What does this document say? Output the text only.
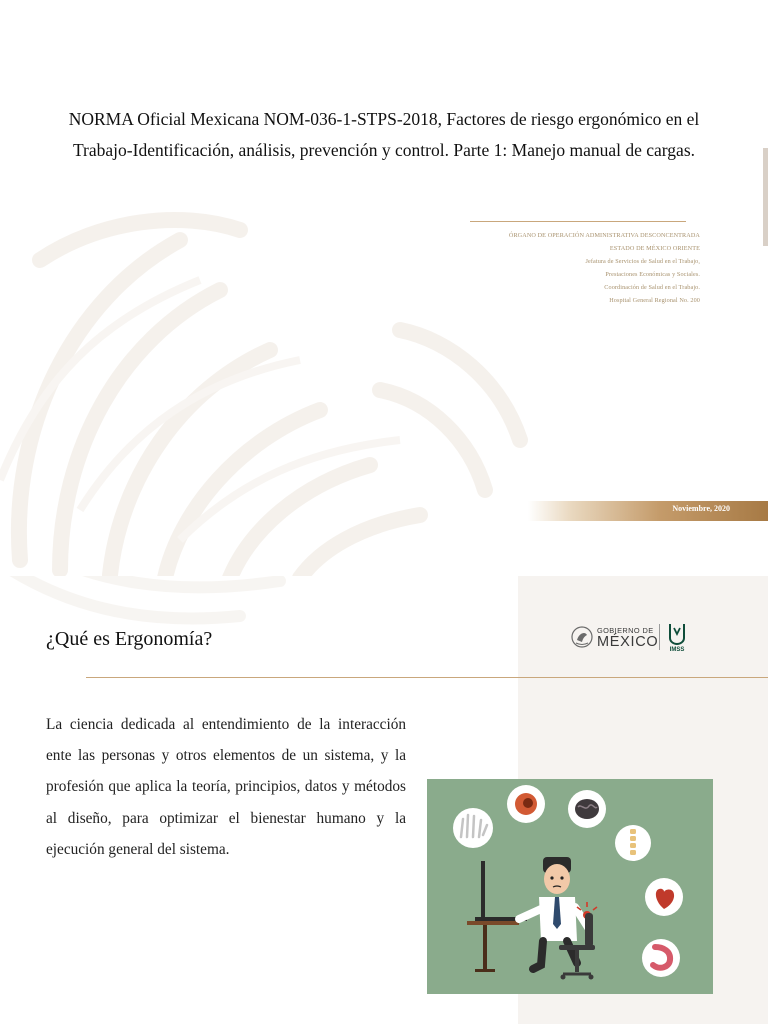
NORMA Oficial Mexicana NOM-036-1-STPS-2018, Factores de riesgo ergonómico en el Trabajo-Identificación, análisis, prevención y control. Parte 1: Manejo manual de cargas.
ÓRGANO DE OPERACIÓN ADMINISTRATIVA DESCONCENTRADA
ESTADO DE MÉXICO ORIENTE
Jefatura de Servicios de Salud en el Trabajo,
Prestaciones Económicas y Sociales.
Coordinación de Salud en el Trabajo.
Hospital General Regional No. 200
Noviembre, 2020
¿Qué es Ergonomía?	GOBIERNO DE
MÉXICO IMSS

La ciencia dedicada al entendimiento de la interacción ente las personas y otros elementos de un sistema, y la profesión que aplica la teoría, principios, datos y métodos al diseño, para optimizar el bienestar humano y la ejecución general del sistema.
